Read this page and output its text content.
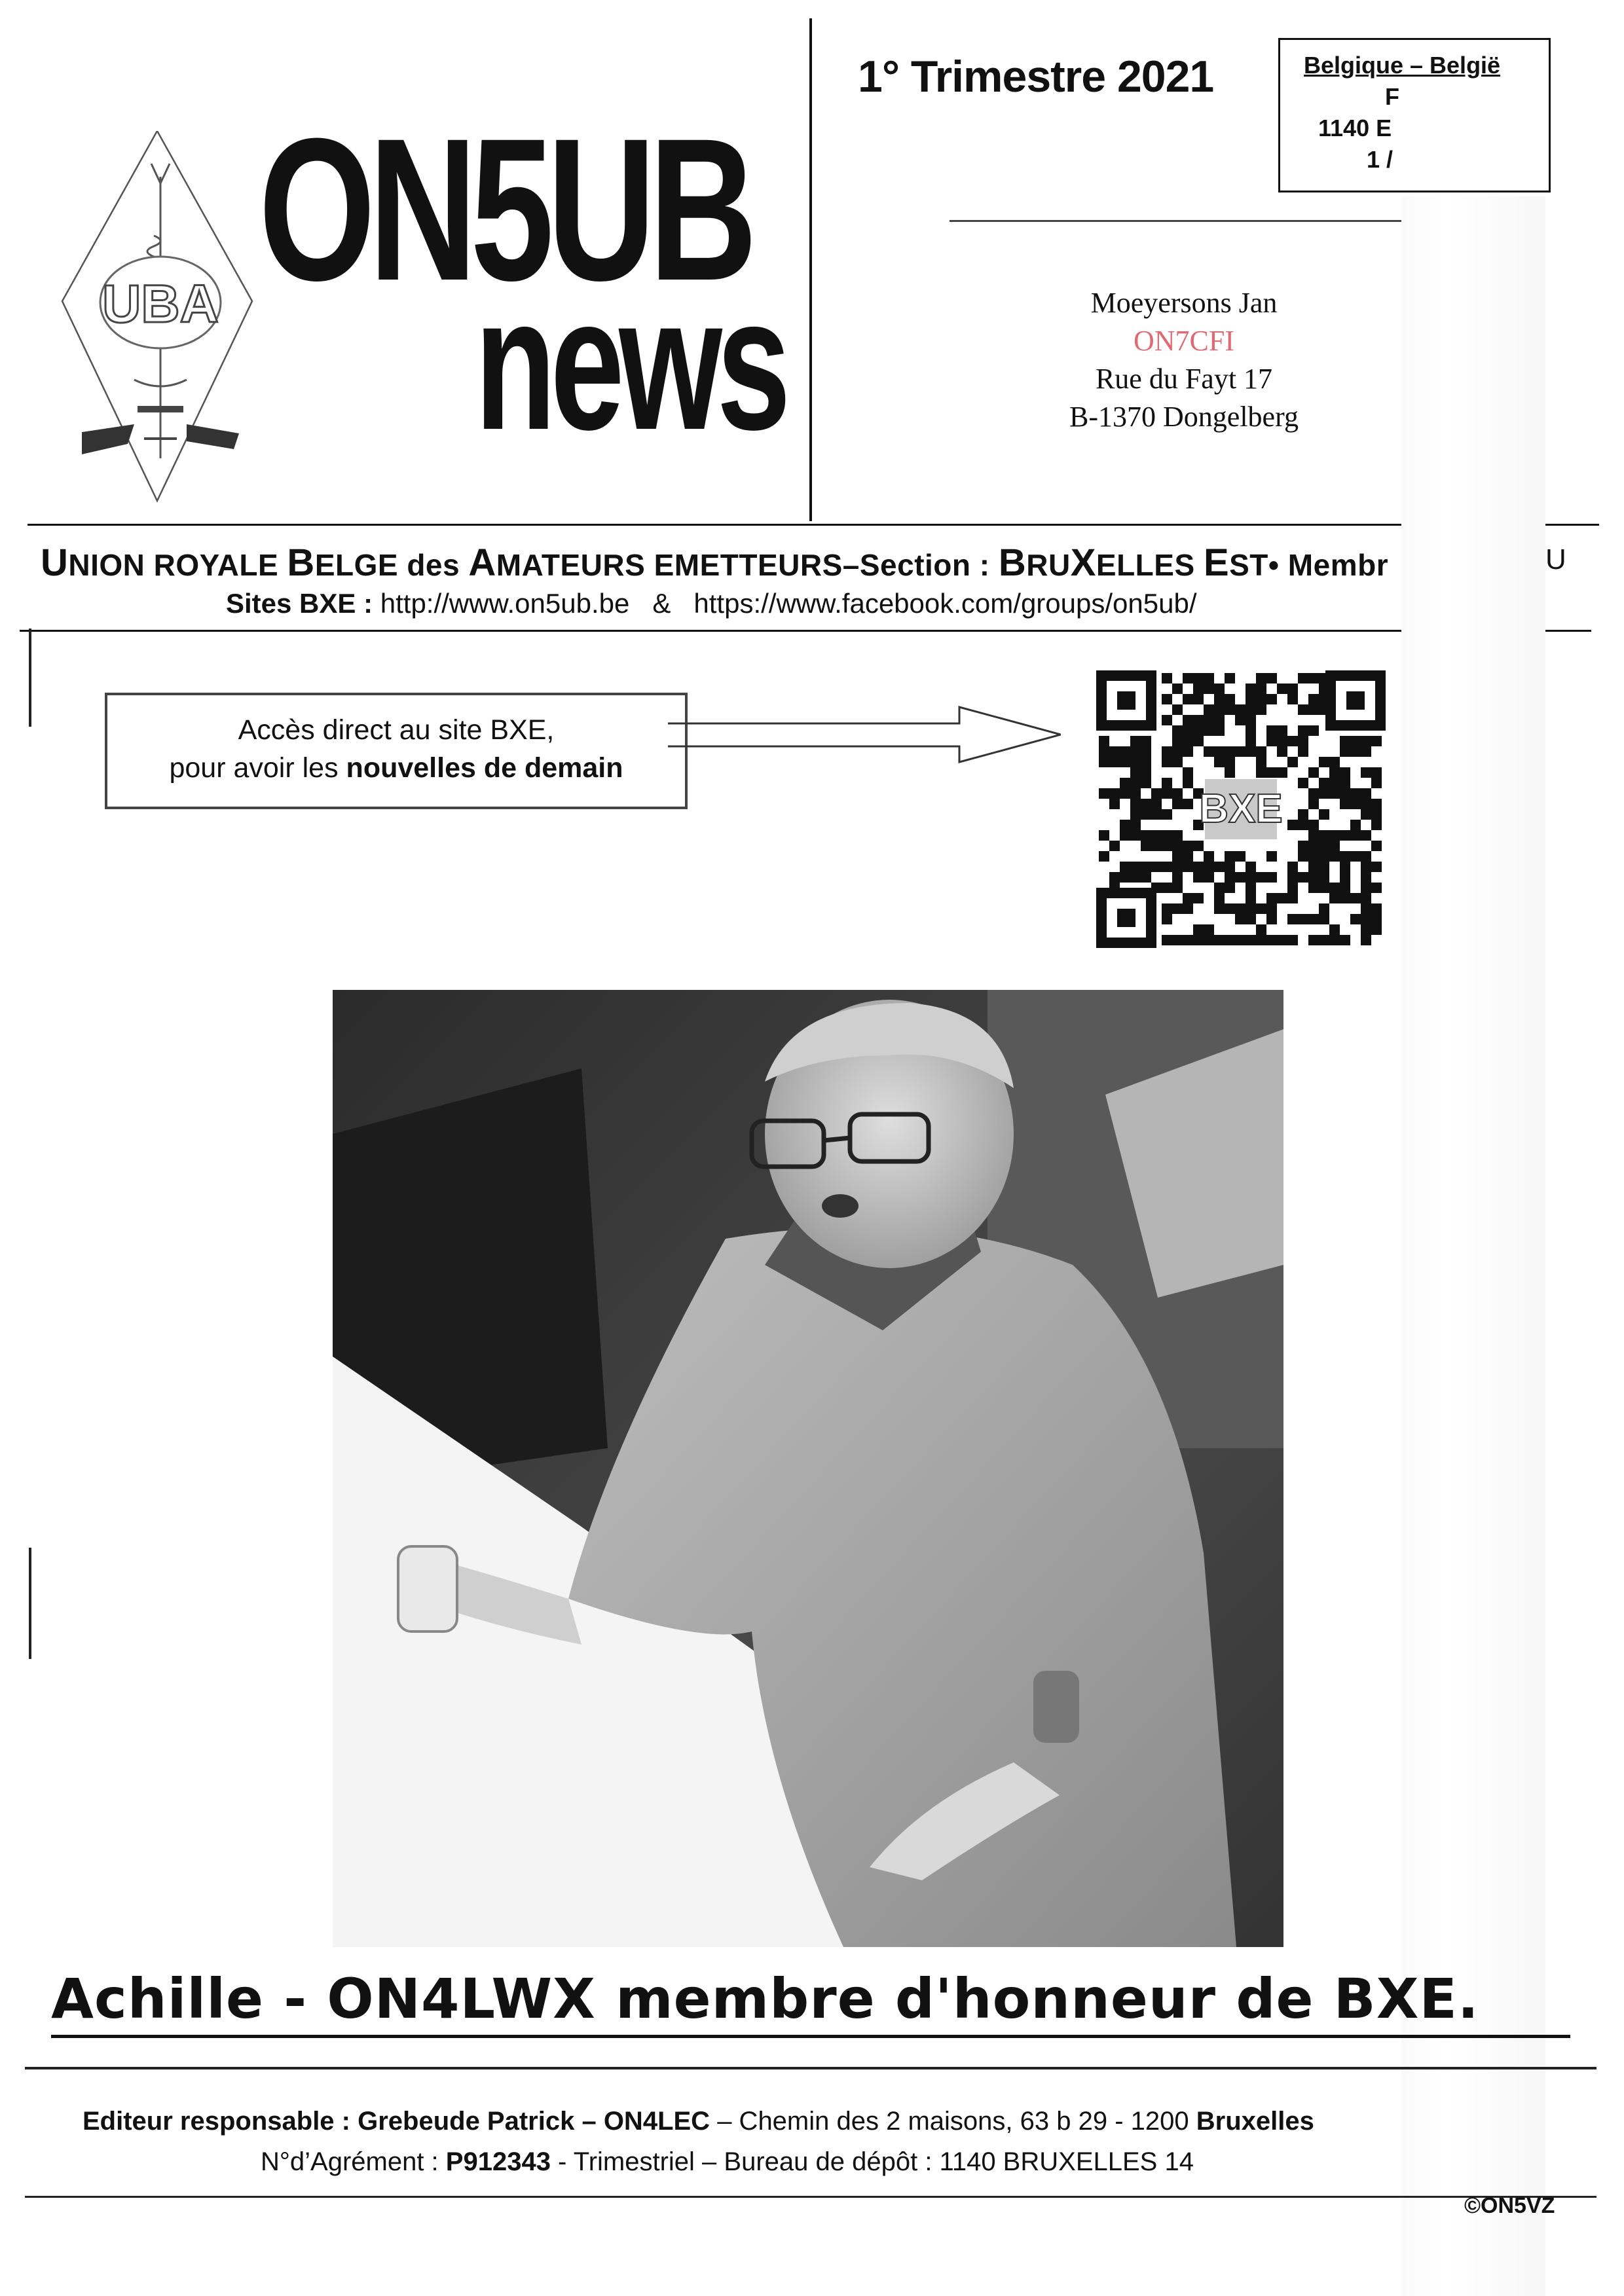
UBA ON5UB
news
1° Trimestre 2021	Belgique – België
F
1140 E
1 /
Moeyersons Jan
ON7CFI
Rue du Fayt 17
B-1370 Dongelberg
UNION ROYALE BELGE des AMATEURS EMETTEURS–Section : BRUXELLES EST• Membr	U
Sites BXE : http://www.on5ub.be & https://www.facebook.com/groups/on5ub/
Accès direct au site BXE,
pour avoir les nouvelles de demain
BXE
Achille - ON4LWX membre d'honneur de BXE.
Editeur responsable : Grebeude Patrick – ON4LEC – Chemin des 2 maisons, 63 b 29 - 1200 Bruxelles
N°d’Agrément : P912343 - Trimestriel – Bureau de dépôt : 1140 BRUXELLES 14
©ON5VZ
